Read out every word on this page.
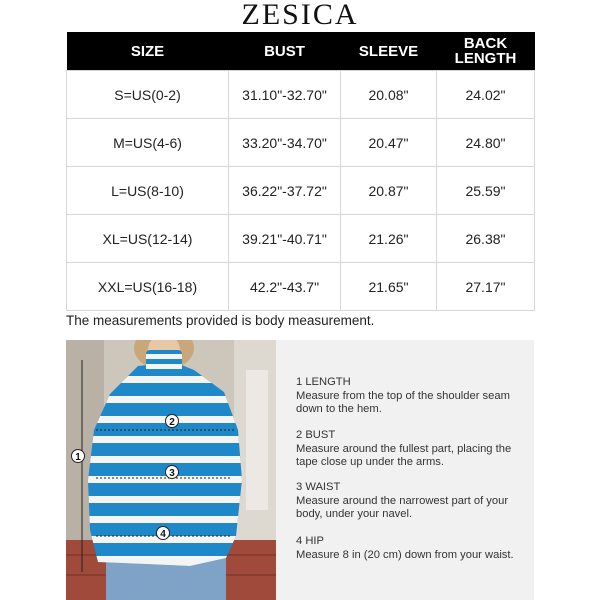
ZESICA
SIZE	BUST	SLEEVE	BACK LENGTH
S=US(0-2)	31.10"-32.70"	20.08"	24.02"
M=US(4-6)	33.20"-34.70"	20.47"	24.80"
L=US(8-10)	36.22"-37.72"	20.87"	25.59"
XL=US(12-14)	39.21"-40.71"	21.26"	26.38"
XXL=US(16-18)	42.2"-43.7"	21.65"	27.17"
The measurements provided is body measurement.
1
2
3
4
1 LENGTH
Measure from the top of the shoulder seam down to the hem.
2 BUST
Measure around the fullest part, placing the tape close up under the arms.
3 WAIST
Measure around the narrowest part of your body, under your navel.
4 HIP
Measure 8 in (20 cm) down from your waist.
